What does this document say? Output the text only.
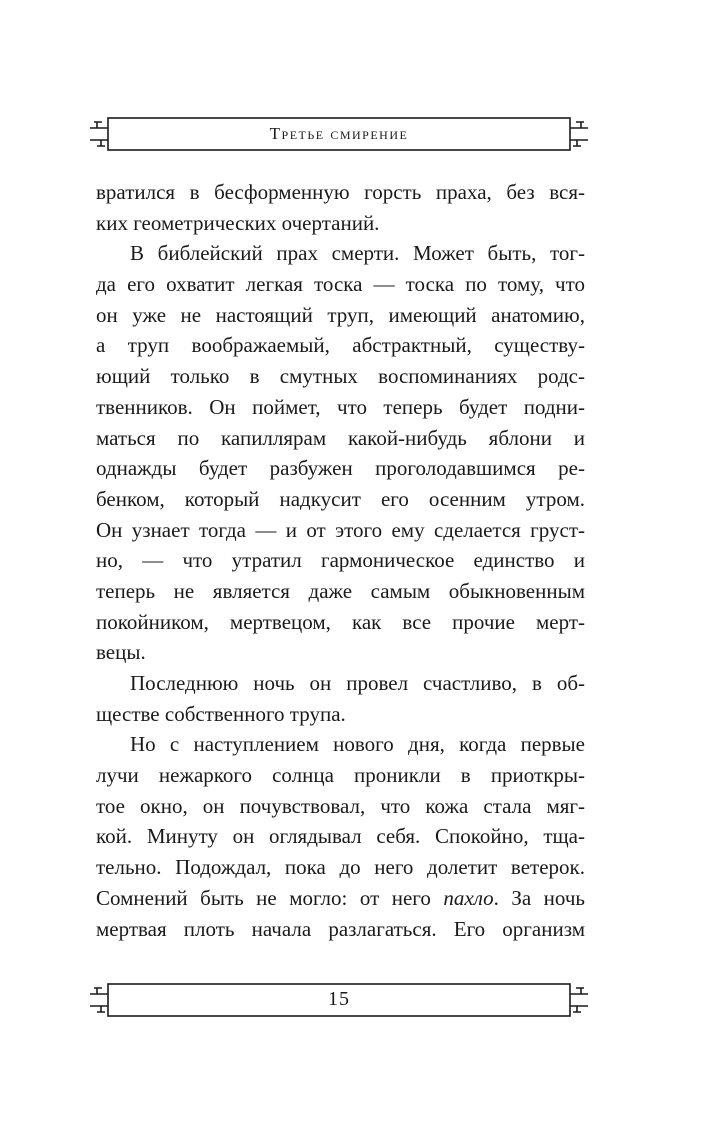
Третье смирение
вратился в бесформенную горсть праха, без вся-
ких геометрических очертаний.
В библейский прах смерти. Может быть, тог-
да его охватит легкая тоска — тоска по тому, что
он уже не настоящий труп, имеющий анатомию,
а труп воображаемый, абстрактный, существу-
ющий только в смутных воспоминаниях родс-
твенников. Он поймет, что теперь будет подни-
маться по капиллярам какой-нибудь яблони и
однажды будет разбужен проголодавшимся ре-
бенком, который надкусит его осенним утром.
Он узнает тогда — и от этого ему сделается груст-
но, — что утратил гармоническое единство и
теперь не является даже самым обыкновенным
покойником, мертвецом, как все прочие мерт-
вецы.
Последнюю ночь он провел счастливо, в об-
ществе собственного трупа.
Но с наступлением нового дня, когда первые
лучи нежаркого солнца проникли в приоткры-
тое окно, он почувствовал, что кожа стала мяг-
кой. Минуту он оглядывал себя. Спокойно, тща-
тельно. Подождал, пока до него долетит ветерок.
Сомнений быть не могло: от него пахло. За ночь
мертвая плоть начала разлагаться. Его организм
15
